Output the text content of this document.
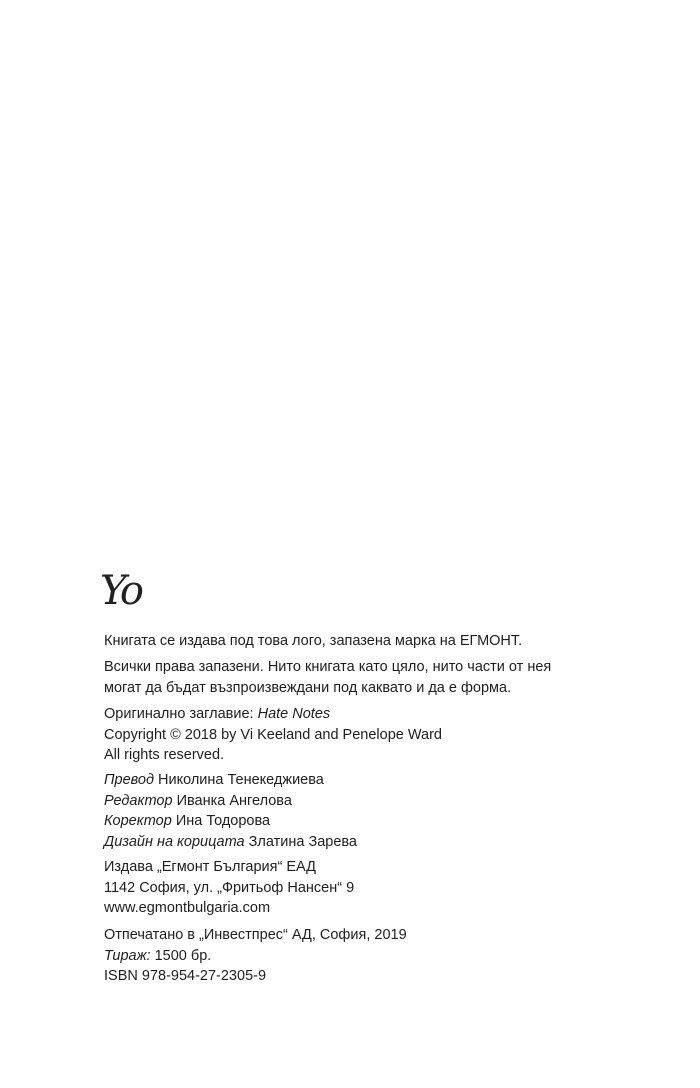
Yo
Книгата се издава под това лого, запазена марка на ЕГМОНТ.
Всички права запазени. Нито книгата като цяло, нито части от нея
могат да бъдат възпроизвеждани под каквато и да е форма.
Оригинално заглавие: Hate Notes
Copyright © 2018 by Vi Keeland and Penelope Ward
All rights reserved.
Превод Николина Тенекеджиева
Редактор Иванка Ангелова
Коректор Ина Тодорова
Дизайн на корицата Златина Зарева
Издава „Егмонт България“ ЕАД
1142 София, ул. „Фритьоф Нансен“ 9
www.egmontbulgaria.com
Отпечатано в „Инвестпрес“ АД, София, 2019
Тираж: 1500 бр.
ISBN 978-954-27-2305-9
